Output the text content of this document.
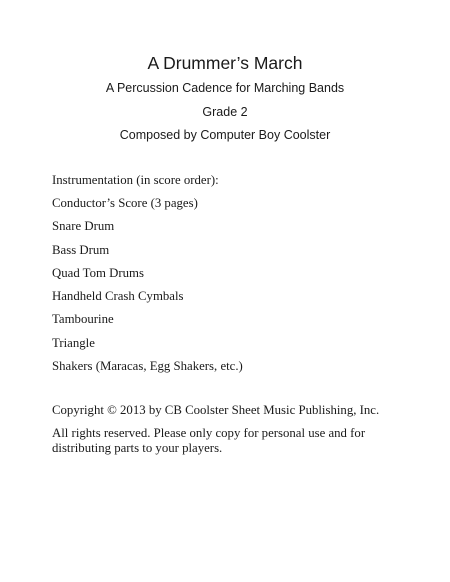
A Drummer’s March
A Percussion Cadence for Marching Bands
Grade 2
Composed by Computer Boy Coolster

Instrumentation (in score order):

Conductor’s Score (3 pages)
Snare Drum
Bass Drum
Quad Tom Drums
Handheld Crash Cymbals
Tambourine
Triangle
Shakers (Maracas, Egg Shakers, etc.)

Copyright © 2013 by CB Coolster Sheet Music Publishing, Inc.

All rights reserved. Please only copy for personal use and for distributing parts to your players.
